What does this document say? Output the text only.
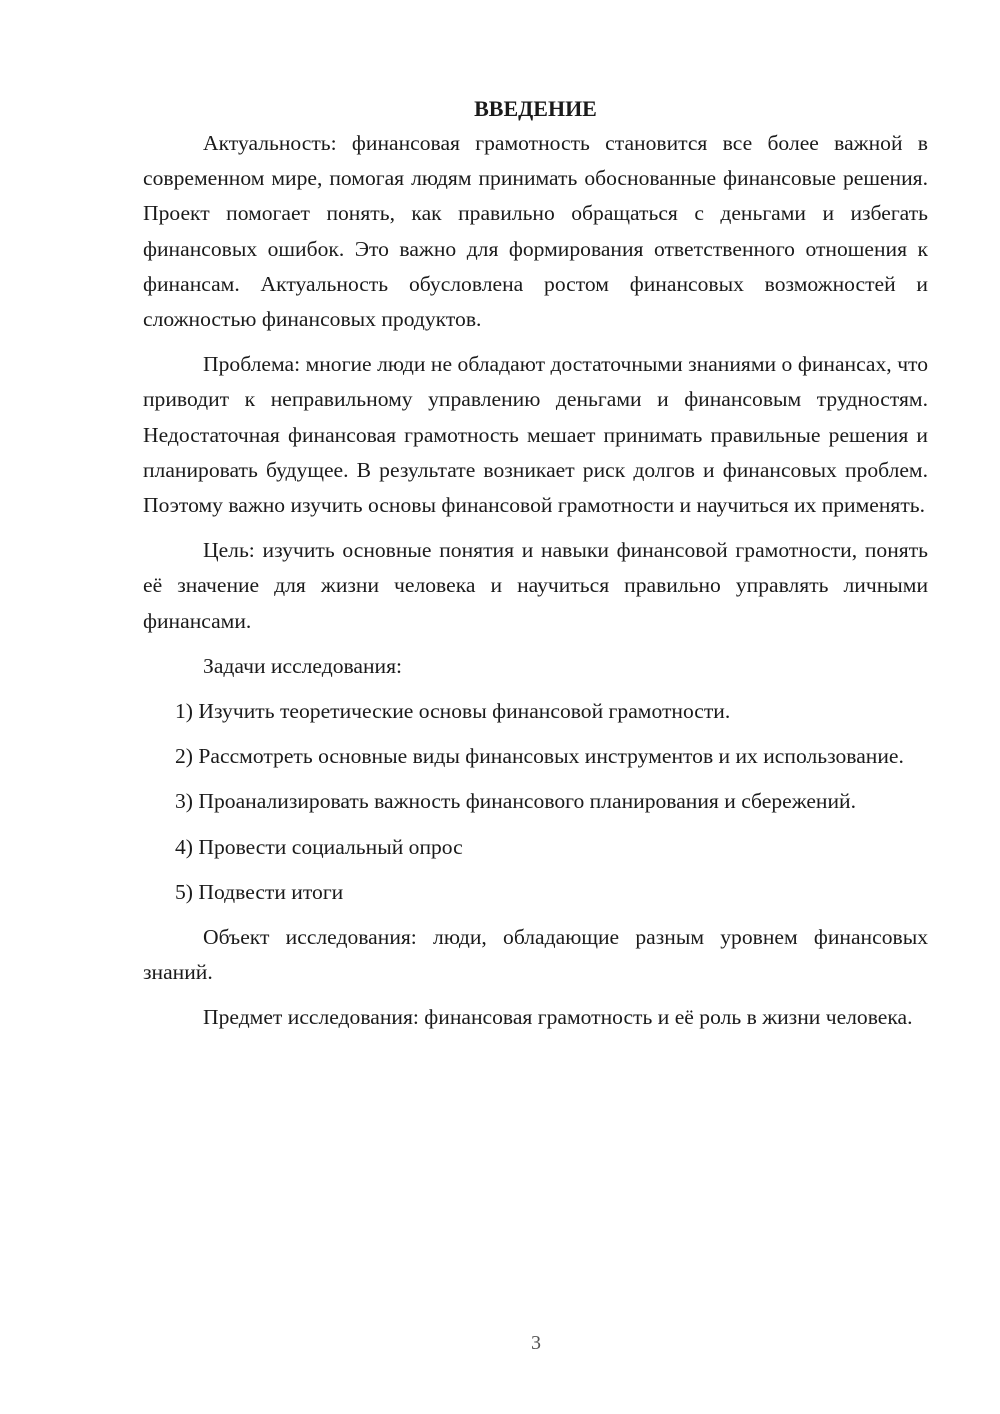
ВВЕДЕНИЕ

Актуальность: финансовая грамотность становится все более важной в современном мире, помогая людям принимать обоснованные финансовые решения. Проект помогает понять, как правильно обращаться с деньгами и избегать финансовых ошибок. Это важно для формирования ответственного отношения к финансам. Актуальность обусловлена ростом финансовых возможностей и сложностью финансовых продуктов.

Проблема: многие люди не обладают достаточными знаниями о финансах, что приводит к неправильному управлению деньгами и финансовым трудностям. Недостаточная финансовая грамотность мешает принимать правильные решения и планировать будущее. В результате возникает риск долгов и финансовых проблем. Поэтому важно изучить основы финансовой грамотности и научиться их применять.

Цель: изучить основные понятия и навыки финансовой грамотности, понять её значение для жизни человека и научиться правильно управлять личными финансами.

Задачи исследования:

1) Изучить теоретические основы финансовой грамотности.

2) Рассмотреть основные виды финансовых инструментов и их использование.

3) Проанализировать важность финансового планирования и сбережений.

4) Провести социальный опрос

5) Подвести итоги

Объект исследования: люди, обладающие разным уровнем финансовых знаний.

Предмет исследования: финансовая грамотность и её роль в жизни человека.

3
